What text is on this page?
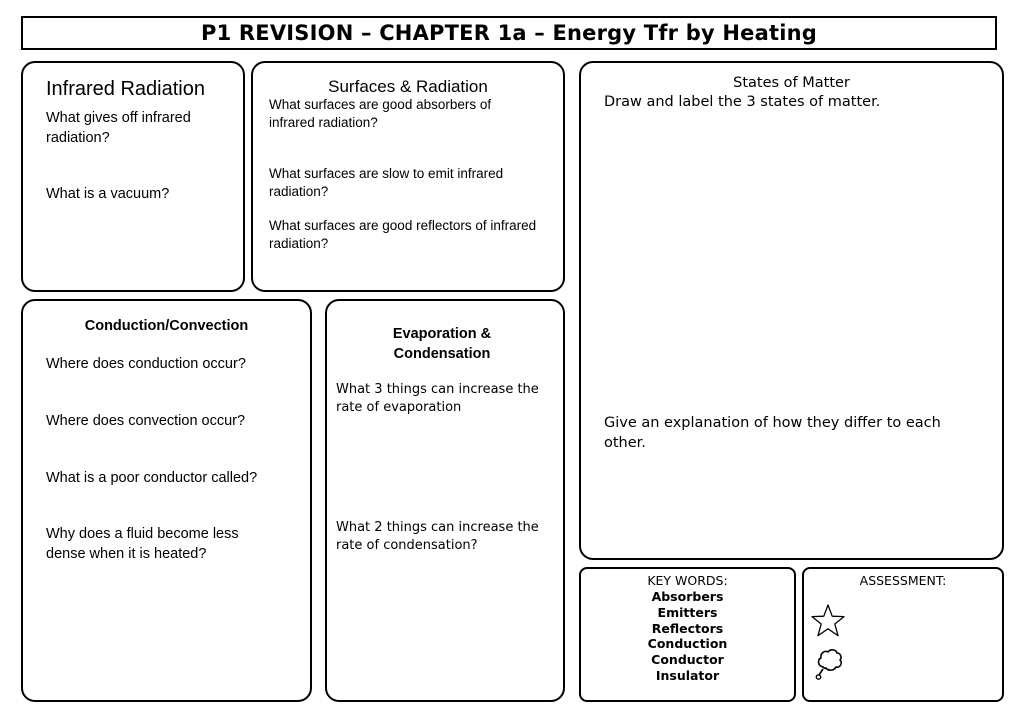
P1 REVISION – CHAPTER 1a – Energy Tfr by Heating
Infrared Radiation
What gives off infrared radiation?
What is a vacuum?
Surfaces & Radiation
What surfaces are good absorbers of infrared radiation?
What surfaces are slow to emit infrared radiation?
What surfaces are good reflectors of infrared radiation?
States of Matter
Draw and label the 3 states of matter.
Give an explanation of how they differ to each other.
Conduction/Convection
Where does conduction occur?
Where does convection occur?
What is a poor conductor called?
Why does a fluid become less dense when it is heated?
Evaporation & Condensation
What 3 things can increase the rate of evaporation
What 2 things can increase the rate of condensation?
KEY WORDS:
Absorbers
Emitters
Reflectors
Conduction
Conductor
Insulator
ASSESSMENT:
